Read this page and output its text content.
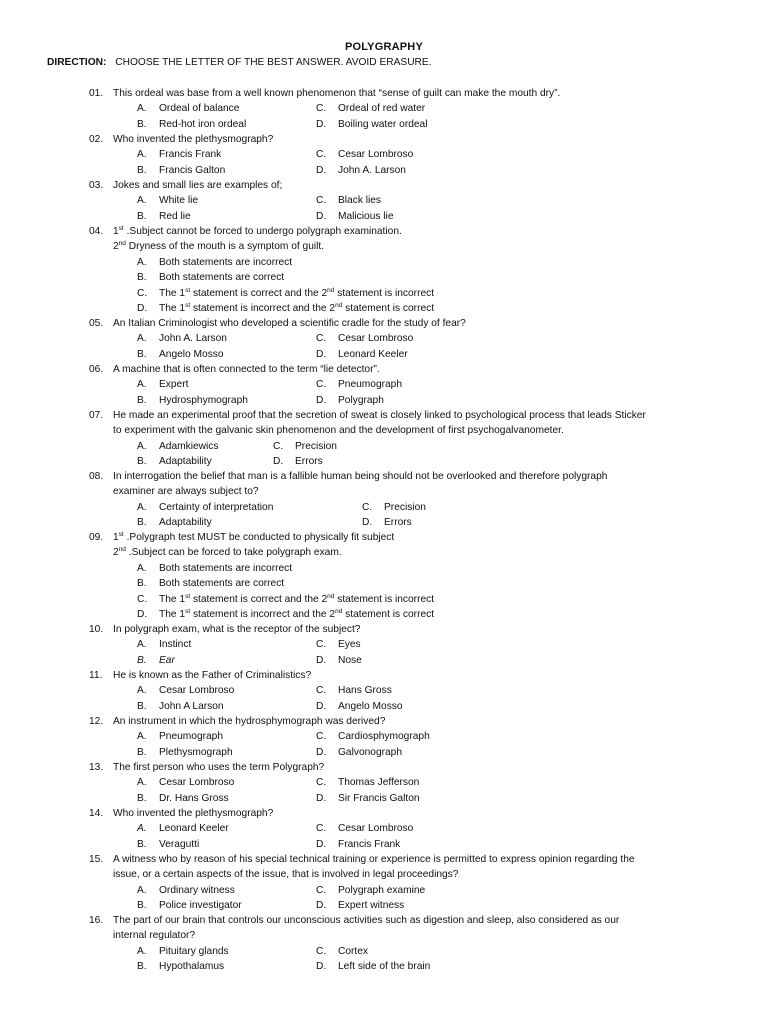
POLYGRAPHY
DIRECTION: CHOOSE THE LETTER OF THE BEST ANSWER. AVOID ERASURE.
01. This ordeal was base from a well known phenomenon that “sense of guilt can make the mouth dry”.
A. Ordeal of balance
B. Red-hot iron ordeal
C. Ordeal of red water
D. Boiling water ordeal
02. Who invented the plethysmograph?
A. Francis Frank
B. Francis Galton
C. Cesar Lombroso
D. John A. Larson
03. Jokes and small lies are examples of;
A. White lie
B. Red lie
C. Black lies
D. Malicious lie
04. 1st .Subject cannot be forced to undergo polygraph examination.
2nd Dryness of the mouth is a symptom of guilt.
A. Both statements are incorrect
B. Both statements are correct
C. The 1st statement is correct and the 2nd statement is incorrect
D. The 1st statement is incorrect and the 2nd statement is correct
05. An Italian Criminologist who developed a scientific cradle for the study of fear?
A. John A. Larson
B. Angelo Mosso
C. Cesar Lombroso
D. Leonard Keeler
06. A machine that is often connected to the term “lie detector”.
A. Expert
B. Hydrosphymograph
C. Pneumograph
D. Polygraph
07. He made an experimental proof that the secretion of sweat is closely linked to psychological process that leads Sticker
to experiment with the galvanic skin phenomenon and the development of first psychogalvanometer.
A. Adamkiewics
B. Adaptability
C. Precision
D. Errors
08. In interrogation the belief that man is a fallible human being should not be overlooked and therefore polygraph
examiner are always subject to?
A. Certainty of interpretation
B. Adaptability
C. Precision
D. Errors
09. 1st .Polygraph test MUST be conducted to physically fit subject
2nd .Subject can be forced to take polygraph exam.
A. Both statements are incorrect
B. Both statements are correct
C. The 1st statement is correct and the 2nd statement is incorrect
D. The 1st statement is incorrect and the 2nd statement is correct
10. In polygraph exam, what is the receptor of the subject?
A. Instinct
B. Ear
C. Eyes
D. Nose
11. He is known as the Father of Criminalistics?
A. Cesar Lombroso
B. John A Larson
C. Hans Gross
D. Angelo Mosso
12. An instrument in which the hydrosphymograph was derived?
A. Pneumograph
B. Plethysmograph
C. Cardiosphymograph
D. Galvonograph
13. The first person who uses the term Polygraph?
A. Cesar Lombroso
B. Dr. Hans Gross
C. Thomas Jefferson
D. Sir Francis Galton
14. Who invented the plethysmograph?
A. Leonard Keeler
B. Veragutti
C. Cesar Lombroso
D. Francis Frank
15. A witness who by reason of his special technical training or experience is permitted to express opinion regarding the
issue, or a certain aspects of the issue, that is involved in legal proceedings?
A. Ordinary witness
B. Police investigator
C. Polygraph examine
D. Expert witness
16. The part of our brain that controls our unconscious activities such as digestion and sleep, also considered as our
internal regulator?
A. Pituitary glands
B. Hypothalamus
C. Cortex
D. Left side of the brain
